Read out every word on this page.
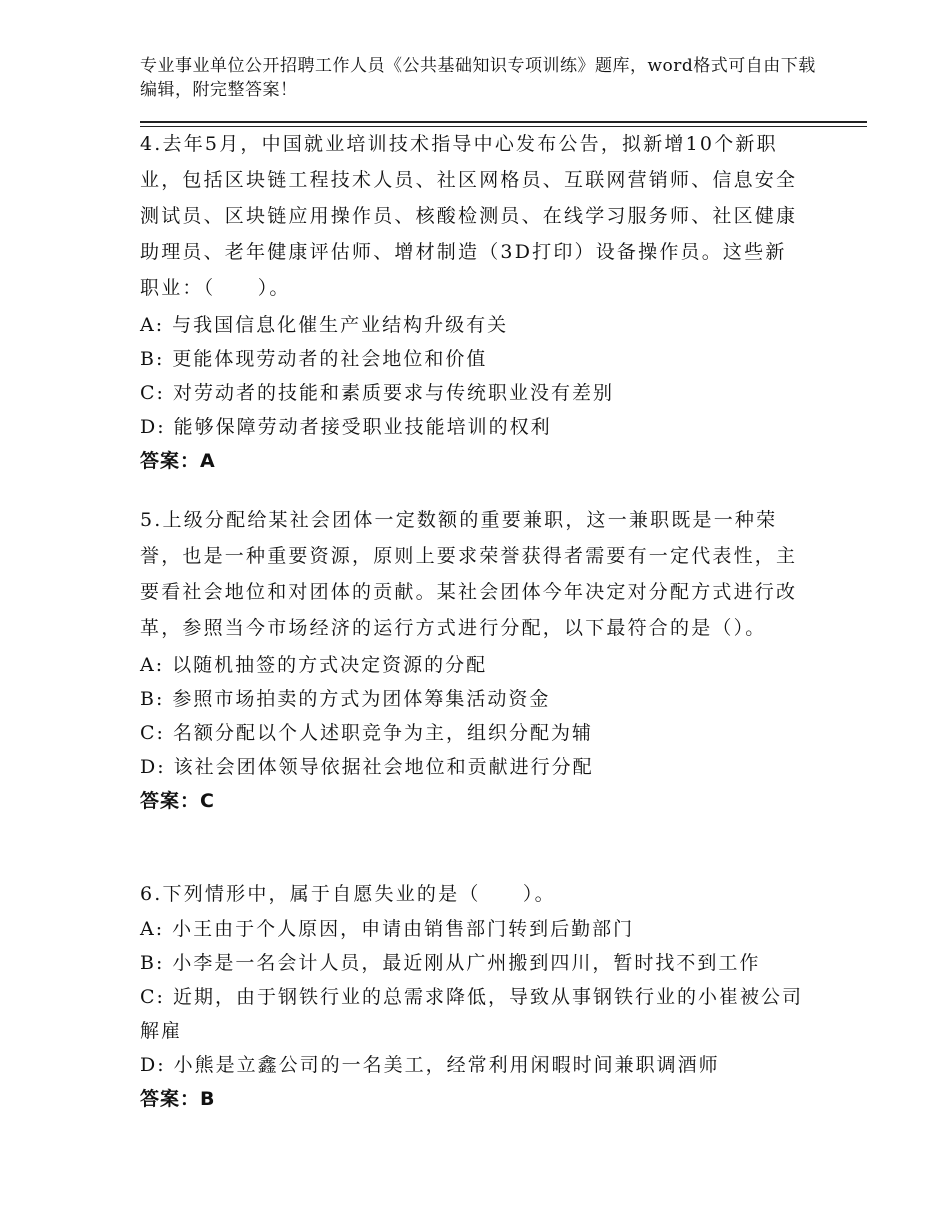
专业事业单位公开招聘工作人员《公共基础知识专项训练》题库，word格式可自由下载编辑，附完整答案！

4.去年5月，中国就业培训技术指导中心发布公告，拟新增10个新职业，包括区块链工程技术人员、社区网格员、互联网营销师、信息安全测试员、区块链应用操作员、核酸检测员、在线学习服务师、社区健康助理员、老年健康评估师、增材制造（3D打印）设备操作员。这些新职业：（　　）。

A: 与我国信息化催生产业结构升级有关

B: 更能体现劳动者的社会地位和价值

C: 对劳动者的技能和素质要求与传统职业没有差别

D: 能够保障劳动者接受职业技能培训的权利

答案：A

5.上级分配给某社会团体一定数额的重要兼职，这一兼职既是一种荣誉，也是一种重要资源，原则上要求荣誉获得者需要有一定代表性，主要看社会地位和对团体的贡献。某社会团体今年决定对分配方式进行改革，参照当今市场经济的运行方式进行分配，以下最符合的是（）。

A: 以随机抽签的方式决定资源的分配

B: 参照市场拍卖的方式为团体筹集活动资金

C: 名额分配以个人述职竞争为主，组织分配为辅

D: 该社会团体领导依据社会地位和贡献进行分配

答案：C

6.下列情形中，属于自愿失业的是（　　）。

A: 小王由于个人原因，申请由销售部门转到后勤部门

B: 小李是一名会计人员，最近刚从广州搬到四川，暂时找不到工作

C: 近期，由于钢铁行业的总需求降低，导致从事钢铁行业的小崔被公司解雇

D: 小熊是立鑫公司的一名美工，经常利用闲暇时间兼职调酒师

答案：B
